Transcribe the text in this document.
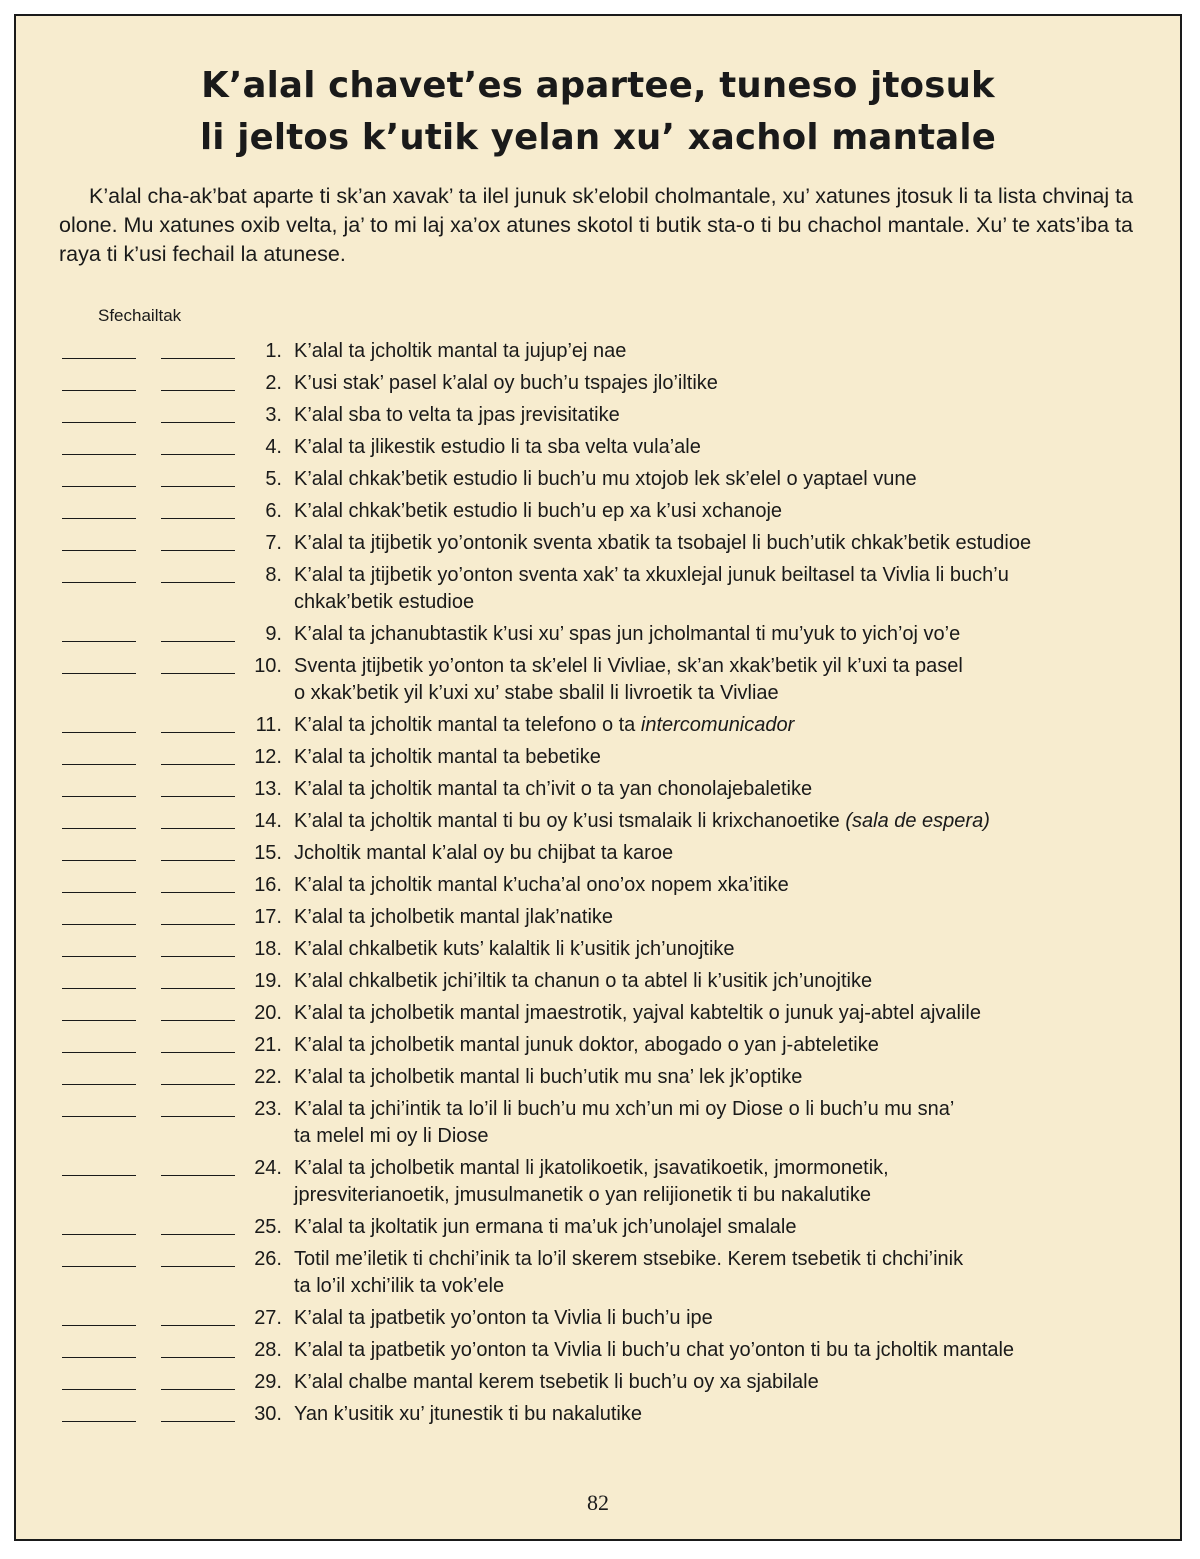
K’alal chavet’es apartee, tuneso jtosuk
li jeltos k’utik yelan xu’ xachol mantale

K’alal cha-ak’bat aparte ti sk’an xavak’ ta ilel junuk sk’elobil cholmantale, xu’ xatunes jtosuk li ta lista chvinaj ta olone. Mu xatunes oxib velta, ja’ to mi laj xa’ox atunes skotol ti butik sta-o ti bu chachol mantale. Xu’ te xats’iba ta raya ti k’usi fechail la atunese.

Sfechailtak
1. K’alal ta jcholtik mantal ta jujup’ej nae
2. K’usi stak’ pasel k’alal oy buch’u tspajes jlo’iltike
3. K’alal sba to velta ta jpas jrevisitatike
4. K’alal ta jlikestik estudio li ta sba velta vula’ale
5. K’alal chkak’betik estudio li buch’u mu xtojob lek sk’elel o yaptael vune
6. K’alal chkak’betik estudio li buch’u ep xa k’usi xchanoje
7. K’alal ta jtijbetik yo’ontonik sventa xbatik ta tsobajel li buch’utik chkak’betik estudioe
8. K’alal ta jtijbetik yo’onton sventa xak’ ta xkuxlejal junuk beiltasel ta Vivlia li buch’u
chkak’betik estudioe
9. K’alal ta jchanubtastik k’usi xu’ spas jun jcholmantal ti mu’yuk to yich’oj vo’e
10. Sventa jtijbetik yo’onton ta sk’elel li Vivliae, sk’an xkak’betik yil k’uxi ta pasel
o xkak’betik yil k’uxi xu’ stabe sbalil li livroetik ta Vivliae
11. K’alal ta jcholtik mantal ta telefono o ta intercomunicador
12. K’alal ta jcholtik mantal ta bebetike
13. K’alal ta jcholtik mantal ta ch’ivit o ta yan chonolajebaletike
14. K’alal ta jcholtik mantal ti bu oy k’usi tsmalaik li krixchanoetike (sala de espera)
15. Jcholtik mantal k’alal oy bu chijbat ta karoe
16. K’alal ta jcholtik mantal k’ucha’al ono’ox nopem xka’itike
17. K’alal ta jcholbetik mantal jlak’natike
18. K’alal chkalbetik kuts’ kalaltik li k’usitik jch’unojtike
19. K’alal chkalbetik jchi’iltik ta chanun o ta abtel li k’usitik jch’unojtike
20. K’alal ta jcholbetik mantal jmaestrotik, yajval kabteltik o junuk yaj-abtel ajvalile
21. K’alal ta jcholbetik mantal junuk doktor, abogado o yan j-abteletike
22. K’alal ta jcholbetik mantal li buch’utik mu sna’ lek jk’optike
23. K’alal ta jchi’intik ta lo’il li buch’u mu xch’un mi oy Diose o li buch’u mu sna’
ta melel mi oy li Diose
24. K’alal ta jcholbetik mantal li jkatolikoetik, jsavatikoetik, jmormonetik,
jpresviterianoetik, jmusulmanetik o yan relijionetik ti bu nakalutike
25. K’alal ta jkoltatik jun ermana ti ma’uk jch’unolajel smalale
26. Totil me’iletik ti chchi’inik ta lo’il skerem stsebike. Kerem tsebetik ti chchi’inik
ta lo’il xchi’ilik ta vok’ele
27. K’alal ta jpatbetik yo’onton ta Vivlia li buch’u ipe
28. K’alal ta jpatbetik yo’onton ta Vivlia li buch’u chat yo’onton ti bu ta jcholtik mantale
29. K’alal chalbe mantal kerem tsebetik li buch’u oy xa sjabilale
30. Yan k’usitik xu’ jtunestik ti bu nakalutike
82
